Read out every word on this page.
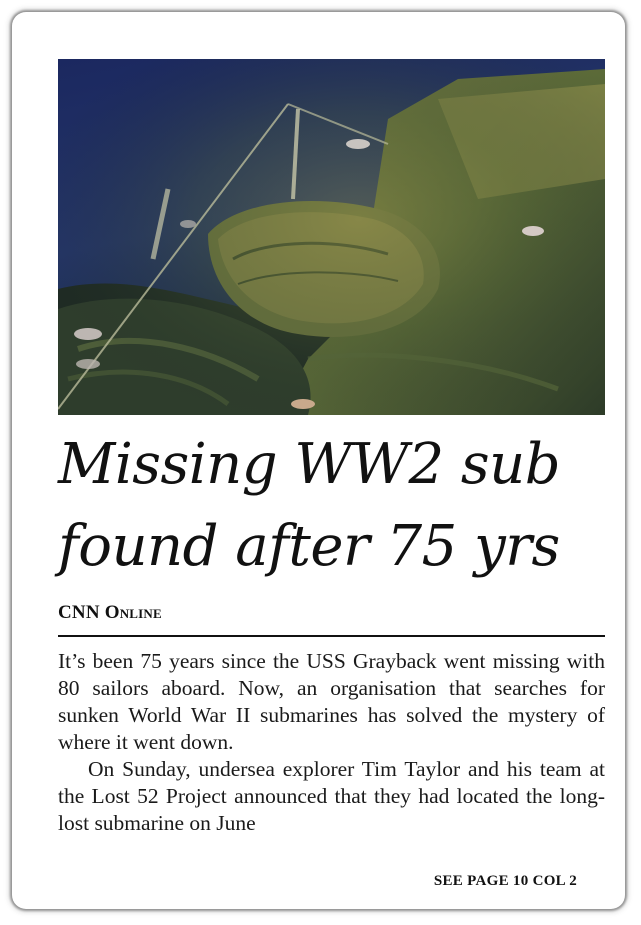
Missing WW2 sub found after 75 yrs
CNN Online

It’s been 75 years since the USS Grayback went missing with 80 sailors aboard. Now, an organisation that searches for sunken World War II submarines has solved the mystery of where it went down.

On Sunday, undersea explorer Tim Taylor and his team at the Lost 52 Project announced that they had located the long-lost submarine on June

SEE PAGE 10 COL 2
